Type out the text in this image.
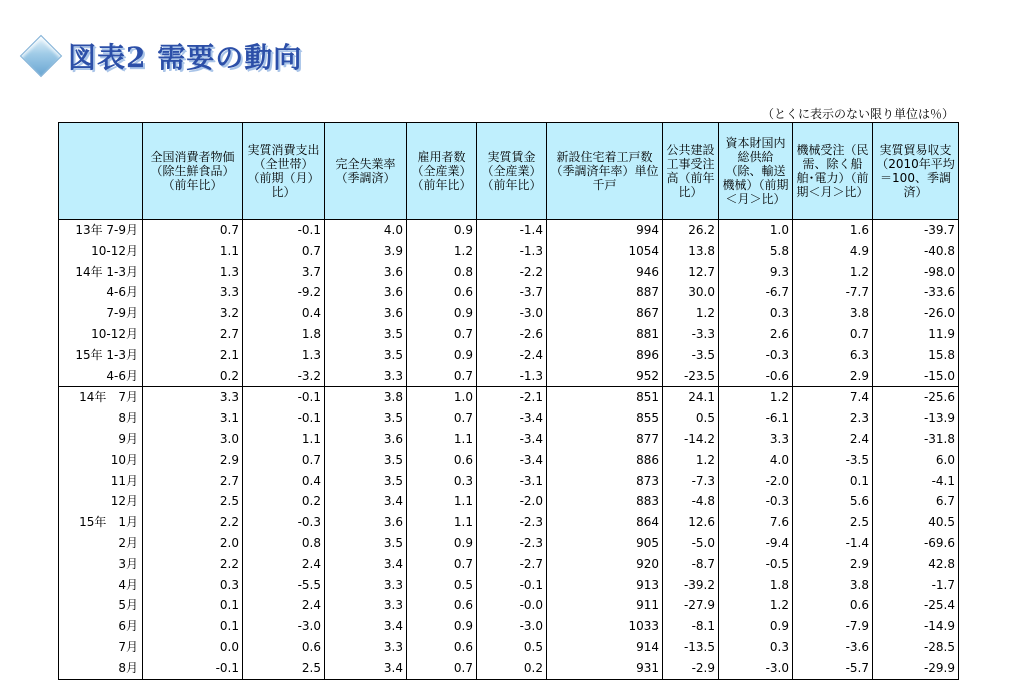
図表2 需要の動向
（とくに表示のない限り単位は％）
	全国消費者物価（除生鮮食品）（前年比）	実質消費支出（全世帯）（前期（月）比）	完全失業率（季調済）	雇用者数（全産業）（前年比）	実質賃金（全産業）（前年比）	新設住宅着工戸数（季調済年率）単位 千戸	公共建設工事受注高（前年比）	資本財国内総供給（除、輸送機械）（前期＜月＞比）	機械受注（民需、除く船舶･電力）（前期＜月＞比）	実質貿易収支（2010年平均＝100、季調済）
13年 7-9月	0.7	-0.1	4.0	0.9	-1.4	994	26.2	1.0	1.6	-39.7
10-12月	1.1	0.7	3.9	1.2	-1.3	1054	13.8	5.8	4.9	-40.8
14年 1-3月	1.3	3.7	3.6	0.8	-2.2	946	12.7	9.3	1.2	-98.0
4-6月	3.3	-9.2	3.6	0.6	-3.7	887	30.0	-6.7	-7.7	-33.6
7-9月	3.2	0.4	3.6	0.9	-3.0	867	1.2	0.3	3.8	-26.0
10-12月	2.7	1.8	3.5	0.7	-2.6	881	-3.3	2.6	0.7	11.9
15年 1-3月	2.1	1.3	3.5	0.9	-2.4	896	-3.5	-0.3	6.3	15.8
4-6月	0.2	-3.2	3.3	0.7	-1.3	952	-23.5	-0.6	2.9	-15.0
14年　7月	3.3	-0.1	3.8	1.0	-2.1	851	24.1	1.2	7.4	-25.6
8月	3.1	-0.1	3.5	0.7	-3.4	855	0.5	-6.1	2.3	-13.9
9月	3.0	1.1	3.6	1.1	-3.4	877	-14.2	3.3	2.4	-31.8
10月	2.9	0.7	3.5	0.6	-3.4	886	1.2	4.0	-3.5	6.0
11月	2.7	0.4	3.5	0.3	-3.1	873	-7.3	-2.0	0.1	-4.1
12月	2.5	0.2	3.4	1.1	-2.0	883	-4.8	-0.3	5.6	6.7
15年　1月	2.2	-0.3	3.6	1.1	-2.3	864	12.6	7.6	2.5	40.5
2月	2.0	0.8	3.5	0.9	-2.3	905	-5.0	-9.4	-1.4	-69.6
3月	2.2	2.4	3.4	0.7	-2.7	920	-8.7	-0.5	2.9	42.8
4月	0.3	-5.5	3.3	0.5	-0.1	913	-39.2	1.8	3.8	-1.7
5月	0.1	2.4	3.3	0.6	-0.0	911	-27.9	1.2	0.6	-25.4
6月	0.1	-3.0	3.4	0.9	-3.0	1033	-8.1	0.9	-7.9	-14.9
7月	0.0	0.6	3.3	0.6	0.5	914	-13.5	0.3	-3.6	-28.5
8月	-0.1	2.5	3.4	0.7	0.2	931	-2.9	-3.0	-5.7	-29.9
